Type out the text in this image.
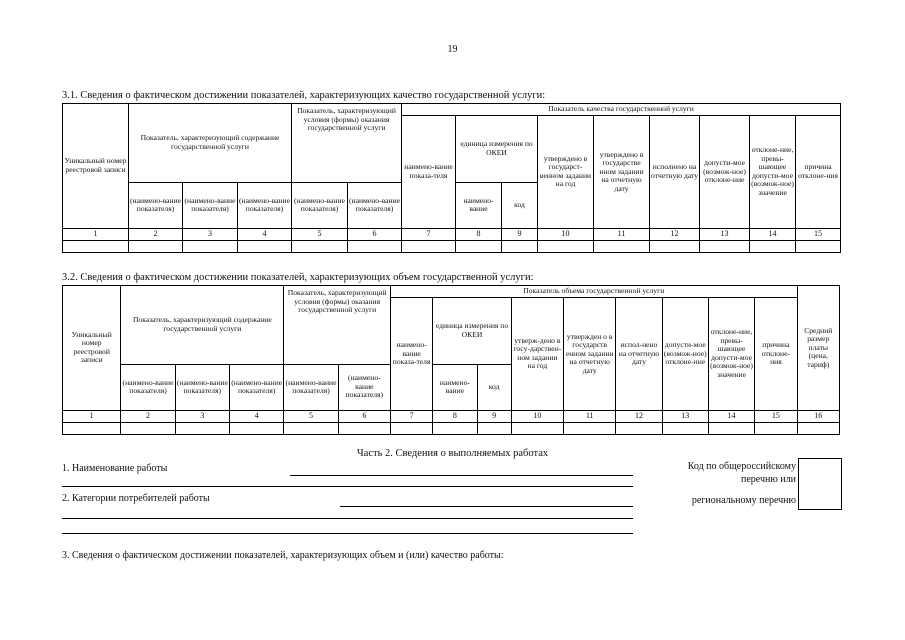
19
3.1. Сведения о фактическом достижении показателей, характеризующих качество государственной услуги:
Уникальный номер реестровой записи	Показатель, характеризующий содержание государственной услуги			Показатель, характеризующий условия (формы) оказания государственной услуги		Показатель качества государственной услуги								
						наимено-вание показа-теля	единица измерения по ОКЕИ		утверждено в государст-венном задании на год	утверждено в государстве нном задании на отчетную дату	исполнено на отчетную дату	допусти-мое (возмож-ное) отклоне-ние	отклоне-ние, превы-шающее допусти-мое (возмож-ное) значение	причина отклоне-ния
	(наимено-вание показателя)	(наимено-вание показателя)	(наимено-вание показателя)	(наимено-вание показателя)	(наимено-вание показателя)		наимено-вание	код						
1	2	3	4	5	6	7	8	9	10	11	12	13	14	15

3.2. Сведения о фактическом достижении показателей, характеризующих объем государственной услуги:
Уникальный номер реестровой записи	Показатель, характеризующий содержание государственной услуги			Показатель, характеризующий условия (формы) оказания государственной услуги		Показатель объема государственной услуги									Средний размер платы (цена, тариф)
						наимено-вание показа-теля	единица измерения по ОКЕИ		утверж-дено в госу-дарствен-ном задании на год	утвержден о в государств енном задании на отчетную дату	испол-нено на отчетную дату	допусти-мое (возмож-ное) отклоне-ние	отклоне-ние, превы-шающее допусти-мое (возмож-ное) значение	причина отклоне-ния	
	(наимено-вание показателя)	(наимено-вание показателя)	(наимено-вание показателя)	(наимено-вание показателя)	(наимено-вание показателя)		наимено-вание	код							
1	2	3	4	5	6	7	8	9	10	11	12	13	14	15	16

Часть 2. Сведения о выполняемых работах
1. Наименование работы
2. Категории потребителей работы
Код по общероссийскому
перечню или
региональному перечню
3. Сведения о фактическом достижении показателей, характеризующих объем и (или) качество работы:
